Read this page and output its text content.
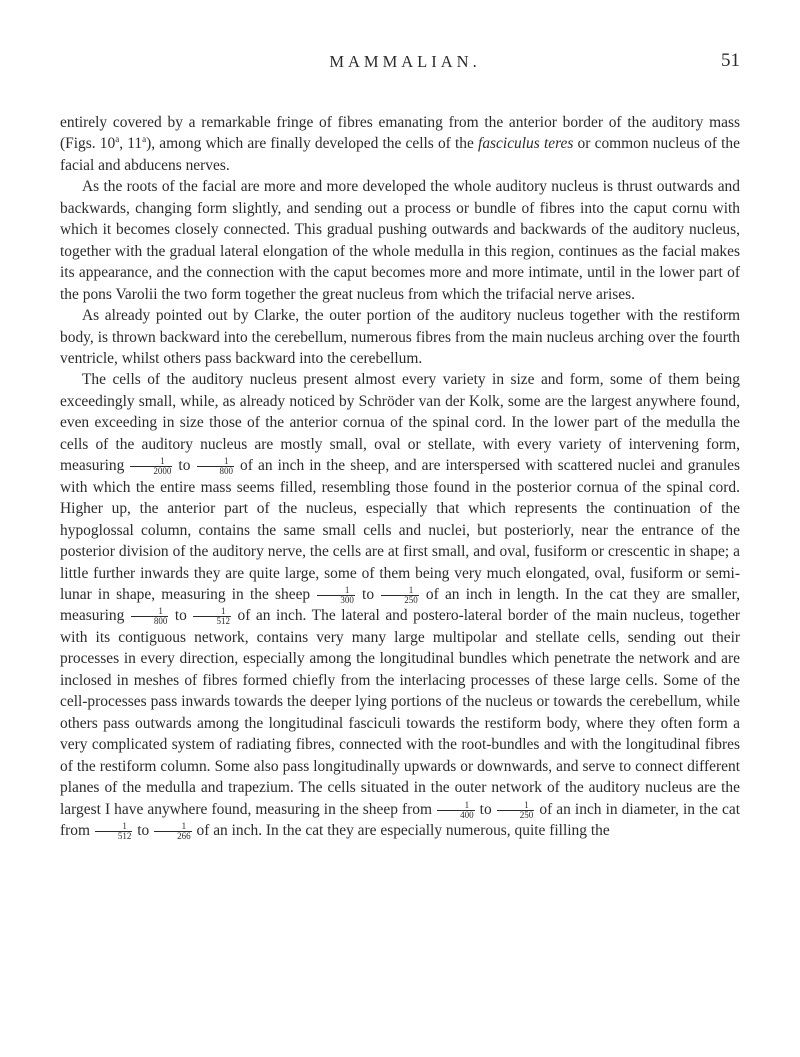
MAMMALIAN.	51

entirely covered by a remarkable fringe of fibres emanating from the anterior border of the auditory mass (Figs. 10$^a$, 11$^a$), among which are finally developed the cells of the fasciculus teres or common nucleus of the facial and abducens nerves.

As the roots of the facial are more and more developed the whole auditory nucleus is thrust outwards and backwards, changing form slightly, and sending out a process or bundle of fibres into the caput cornu with which it becomes closely connected. This gradual pushing outwards and backwards of the auditory nucleus, together with the gradual lateral elongation of the whole medulla in this region, continues as the facial makes its appearance, and the connection with the caput becomes more and more intimate, until in the lower part of the pons Varolii the two form together the great nucleus from which the trifacial nerve arises.

As already pointed out by Clarke, the outer portion of the auditory nucleus together with the restiform body, is thrown backward into the cerebellum, numerous fibres from the main nucleus arching over the fourth ventricle, whilst others pass backward into the cerebellum.

The cells of the auditory nucleus present almost every variety in size and form, some of them being exceedingly small, while, as already noticed by Schröder van der Kolk, some are the largest anywhere found, even exceeding in size those of the anterior cornua of the spinal cord. In the lower part of the medulla the cells of the auditory nucleus are mostly small, oval or stellate, with every variety of intervening form, measuring $\frac{1}{2000}$ to $\frac{1}{800}$ of an inch in the sheep, and are interspersed with scattered nuclei and granules with which the entire mass seems filled, resembling those found in the posterior cornua of the spinal cord. Higher up, the anterior part of the nucleus, especially that which represents the continuation of the hypoglossal column, contains the same small cells and nuclei, but posteriorly, near the entrance of the posterior division of the auditory nerve, the cells are at first small, and oval, fusiform or crescentic in shape; a little further inwards they are quite large, some of them being very much elongated, oval, fusiform or semi-lunar in shape, measuring in the sheep $\frac{1}{300}$ to $\frac{1}{250}$ of an inch in length. In the cat they are smaller, measuring $\frac{1}{800}$ to $\frac{1}{512}$ of an inch. The lateral and postero-lateral border of the main nucleus, together with its contiguous network, contains very many large multipolar and stellate cells, sending out their processes in every direction, especially among the longitudinal bundles which penetrate the network and are inclosed in meshes of fibres formed chiefly from the interlacing processes of these large cells. Some of the cell-processes pass inwards towards the deeper lying portions of the nucleus or towards the cerebellum, while others pass outwards among the longitudinal fasciculi towards the restiform body, where they often form a very complicated system of radiating fibres, connected with the root-bundles and with the longitudinal fibres of the restiform column. Some also pass longitudinally upwards or downwards, and serve to connect different planes of the medulla and trapezium. The cells situated in the outer network of the auditory nucleus are the largest I have anywhere found, measuring in the sheep from $\frac{1}{400}$ to $\frac{1}{250}$ of an inch in diameter, in the cat from $\frac{1}{512}$ to $\frac{1}{266}$ of an inch. In the cat they are especially numerous, quite filling the
